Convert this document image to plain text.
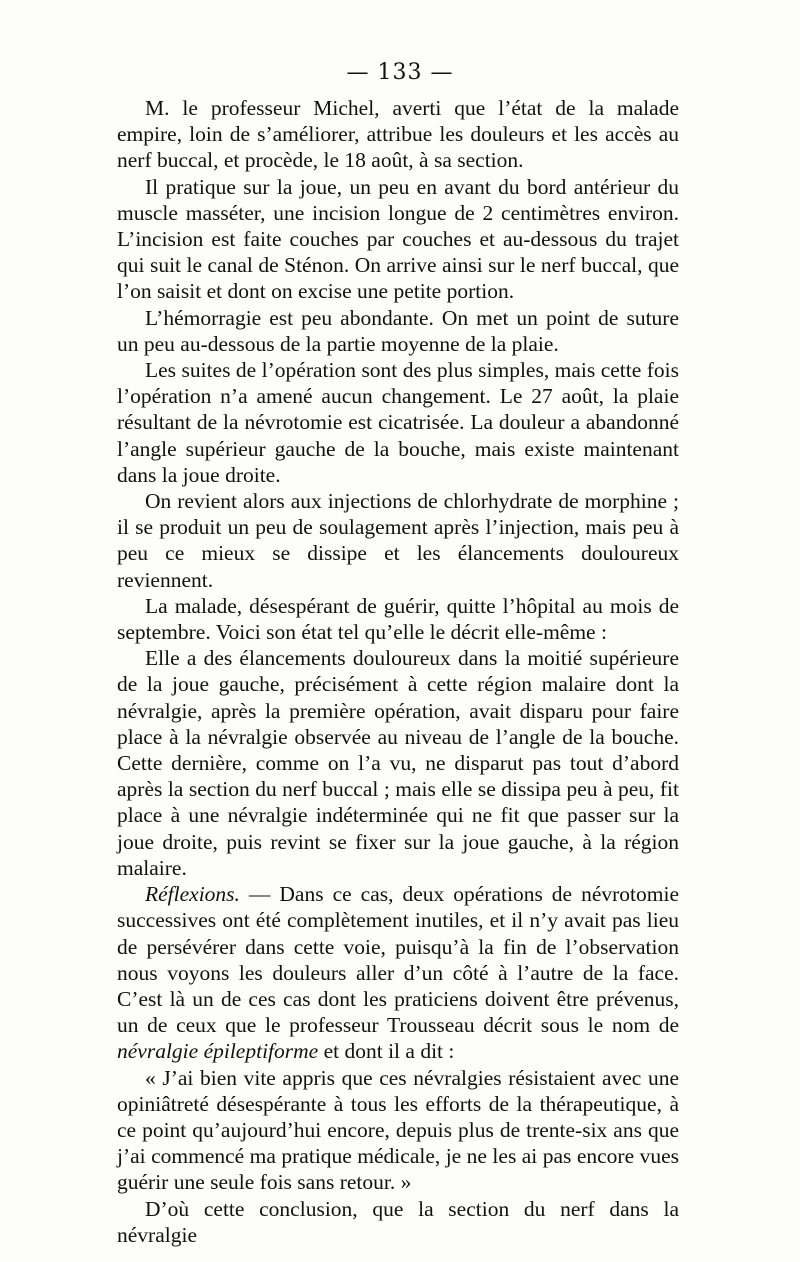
— 133 —

M. le professeur Michel, averti que l’état de la malade empire, loin de s’améliorer, attribue les douleurs et les accès au nerf buccal, et procède, le 18 août, à sa section.

Il pratique sur la joue, un peu en avant du bord antérieur du muscle masséter, une incision longue de 2 centimètres environ. L’incision est faite couches par couches et au-dessous du trajet qui suit le canal de Sténon. On arrive ainsi sur le nerf buccal, que l’on saisit et dont on excise une petite portion.

L’hémorragie est peu abondante. On met un point de suture un peu au-dessous de la partie moyenne de la plaie.

Les suites de l’opération sont des plus simples, mais cette fois l’opération n’a amené aucun changement. Le 27 août, la plaie résultant de la névrotomie est cicatrisée. La douleur a abandonné l’angle supérieur gauche de la bouche, mais existe maintenant dans la joue droite.

On revient alors aux injections de chlorhydrate de morphine ; il se produit un peu de soulagement après l’injection, mais peu à peu ce mieux se dissipe et les élancements douloureux reviennent.

La malade, désespérant de guérir, quitte l’hôpital au mois de septembre. Voici son état tel qu’elle le décrit elle-même :

Elle a des élancements douloureux dans la moitié supérieure de la joue gauche, précisément à cette région malaire dont la névralgie, après la première opération, avait disparu pour faire place à la névralgie observée au niveau de l’angle de la bouche. Cette dernière, comme on l’a vu, ne disparut pas tout d’abord après la section du nerf buccal ; mais elle se dissipa peu à peu, fit place à une névralgie indéterminée qui ne fit que passer sur la joue droite, puis revint se fixer sur la joue gauche, à la région malaire.

Réflexions. — Dans ce cas, deux opérations de névrotomie successives ont été complètement inutiles, et il n’y avait pas lieu de persévérer dans cette voie, puisqu’à la fin de l’observation nous voyons les douleurs aller d’un côté à l’autre de la face. C’est là un de ces cas dont les praticiens doivent être prévenus, un de ceux que le professeur Trousseau décrit sous le nom de névralgie épileptiforme et dont il a dit :

« J’ai bien vite appris que ces névralgies résistaient avec une opiniâtreté désespérante à tous les efforts de la thérapeutique, à ce point qu’aujourd’hui encore, depuis plus de trente-six ans que j’ai commencé ma pratique médicale, je ne les ai pas encore vues guérir une seule fois sans retour. »

D’où cette conclusion, que la section du nerf dans la névralgie
